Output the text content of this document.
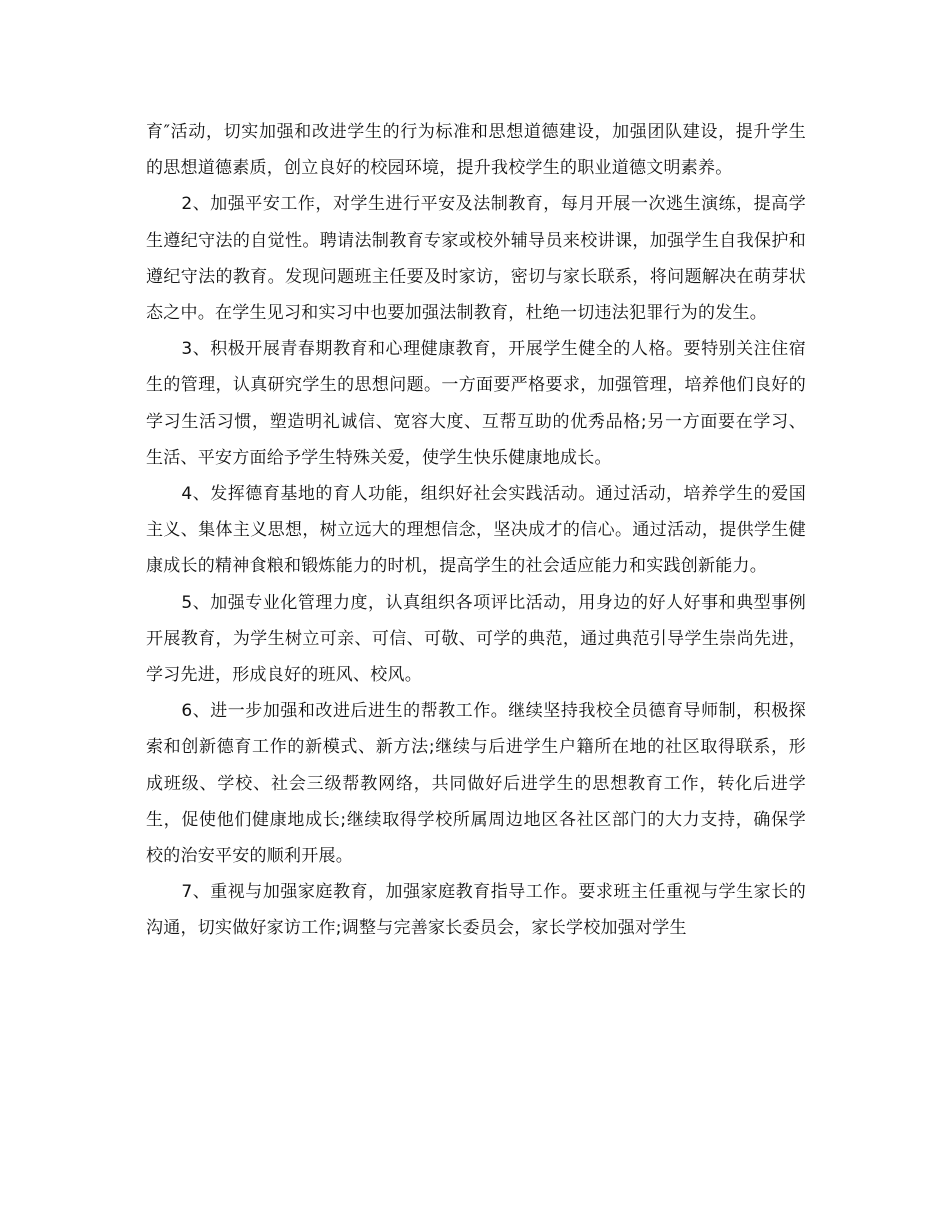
育″活动，切实加强和改进学生的行为标准和思想道德建设，加强团队建设，提升学生的思想道德素质，创立良好的校园环境，提升我校学生的职业道德文明素养。

2、加强平安工作，对学生进行平安及法制教育，每月开展一次逃生演练，提高学生遵纪守法的自觉性。聘请法制教育专家或校外辅导员来校讲课，加强学生自我保护和遵纪守法的教育。发现问题班主任要及时家访，密切与家长联系，将问题解决在萌芽状态之中。在学生见习和实习中也要加强法制教育，杜绝一切违法犯罪行为的发生。

3、积极开展青春期教育和心理健康教育，开展学生健全的人格。要特别关注住宿生的管理，认真研究学生的思想问题。一方面要严格要求，加强管理，培养他们良好的学习生活习惯，塑造明礼诚信、宽容大度、互帮互助的优秀品格;另一方面要在学习、生活、平安方面给予学生特殊关爱，使学生快乐健康地成长。

4、发挥德育基地的育人功能，组织好社会实践活动。通过活动，培养学生的爱国主义、集体主义思想，树立远大的理想信念，坚决成才的信心。通过活动，提供学生健康成长的精神食粮和锻炼能力的时机，提高学生的社会适应能力和实践创新能力。

5、加强专业化管理力度，认真组织各项评比活动，用身边的好人好事和典型事例开展教育，为学生树立可亲、可信、可敬、可学的典范，通过典范引导学生崇尚先进，学习先进，形成良好的班风、校风。

6、进一步加强和改进后进生的帮教工作。继续坚持我校全员德育导师制，积极探索和创新德育工作的新模式、新方法;继续与后进学生户籍所在地的社区取得联系，形成班级、学校、社会三级帮教网络，共同做好后进学生的思想教育工作，转化后进学生，促使他们健康地成长;继续取得学校所属周边地区各社区部门的大力支持，确保学校的治安平安的顺利开展。

7、重视与加强家庭教育，加强家庭教育指导工作。要求班主任重视与学生家长的沟通，切实做好家访工作;调整与完善家长委员会，家长学校加强对学生
